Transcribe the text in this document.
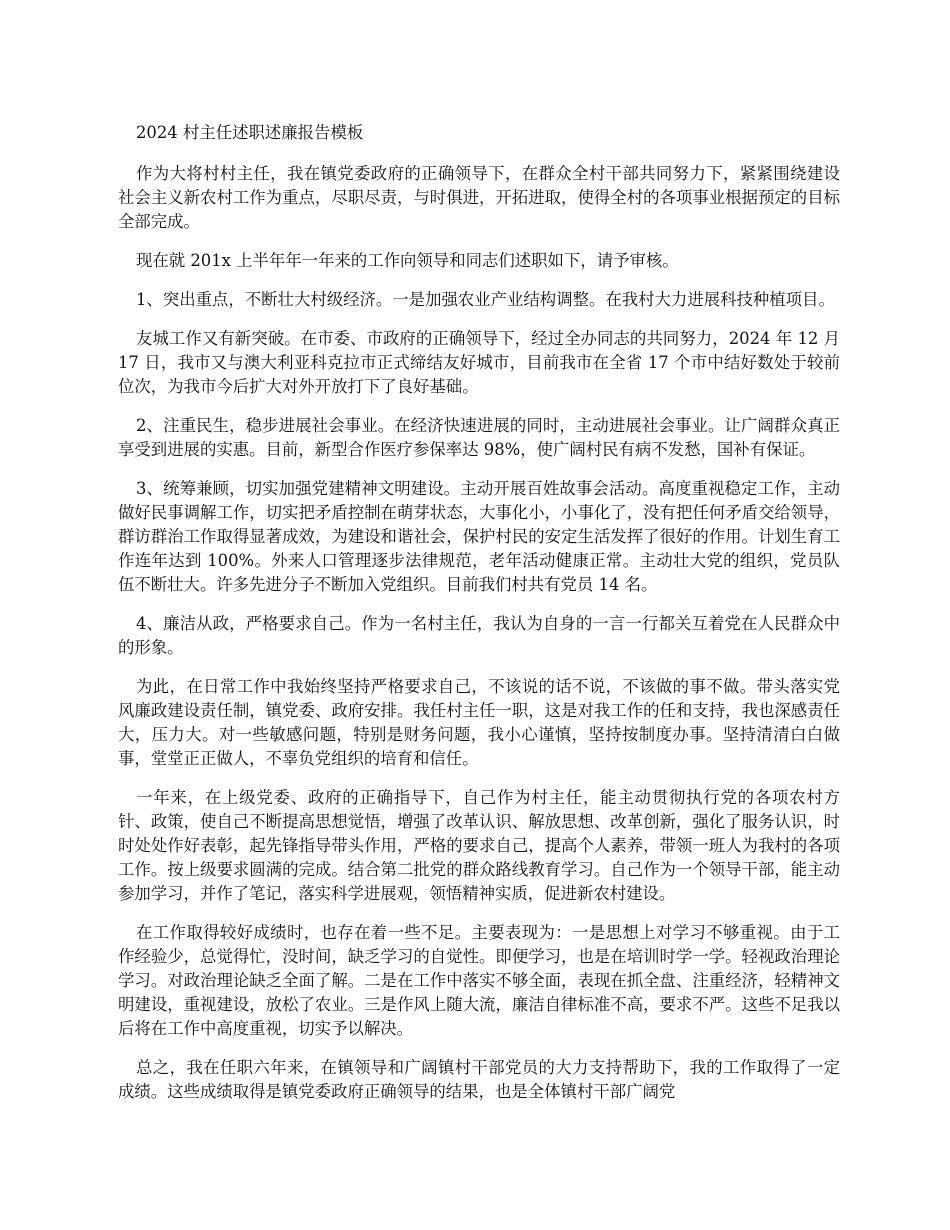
2024 村主任述职述廉报告模板

作为大将村村主任，我在镇党委政府的正确领导下，在群众全村干部共同努力下，紧紧围绕建设社会主义新农村工作为重点，尽职尽责，与时俱进，开拓进取，使得全村的各项事业根据预定的目标全部完成。

现在就 201x 上半年年一年来的工作向领导和同志们述职如下，请予审核。

1、突出重点，不断壮大村级经济。一是加强农业产业结构调整。在我村大力进展科技种植项目。

友城工作又有新突破。在市委、市政府的正确领导下，经过全办同志的共同努力，2024 年 12 月 17 日，我市又与澳大利亚科克拉市正式缔结友好城市，目前我市在全省 17 个市中结好数处于较前位次，为我市今后扩大对外开放打下了良好基础。

2、注重民生，稳步进展社会事业。在经济快速进展的同时，主动进展社会事业。让广阔群众真正享受到进展的实惠。目前，新型合作医疗参保率达 98%，使广阔村民有病不发愁，国补有保证。

3、统筹兼顾，切实加强党建精神文明建设。主动开展百姓故事会活动。高度重视稳定工作，主动做好民事调解工作，切实把矛盾控制在萌芽状态，大事化小，小事化了，没有把任何矛盾交给领导，群访群治工作取得显著成效，为建设和谐社会，保护村民的安定生活发挥了很好的作用。计划生育工作连年达到 100%。外来人口管理逐步法律规范，老年活动健康正常。主动壮大党的组织，党员队伍不断壮大。许多先进分子不断加入党组织。目前我们村共有党员 14 名。

4、廉洁从政，严格要求自己。作为一名村主任，我认为自身的一言一行都关互着党在人民群众中的形象。

为此，在日常工作中我始终坚持严格要求自己，不该说的话不说，不该做的事不做。带头落实党风廉政建设责任制，镇党委、政府安排。我任村主任一职，这是对我工作的任和支持，我也深感责任大，压力大。对一些敏感问题，特别是财务问题，我小心谨慎，坚持按制度办事。坚持清清白白做事，堂堂正正做人，不辜负党组织的培育和信任。

一年来，在上级党委、政府的正确指导下，自己作为村主任，能主动贯彻执行党的各项农村方针、政策，使自己不断提高思想觉悟，增强了改革认识、解放思想、改革创新，强化了服务认识，时时处处作好表彰，起先锋指导带头作用，严格的要求自己，提高个人素养，带领一班人为我村的各项工作。按上级要求圆满的完成。结合第二批党的群众路线教育学习。自己作为一个领导干部，能主动参加学习，并作了笔记，落实科学进展观，领悟精神实质，促进新农村建设。

在工作取得较好成绩时，也存在着一些不足。主要表现为：一是思想上对学习不够重视。由于工作经验少，总觉得忙，没时间，缺乏学习的自觉性。即便学习，也是在培训时学一学。轻视政治理论学习。对政治理论缺乏全面了解。二是在工作中落实不够全面，表现在抓全盘、注重经济，轻精神文明建设，重视建设，放松了农业。三是作风上随大流，廉洁自律标准不高，要求不严。这些不足我以后将在工作中高度重视，切实予以解决。

总之，我在任职六年来，在镇领导和广阔镇村干部党员的大力支持帮助下，我的工作取得了一定成绩。这些成绩取得是镇党委政府正确领导的结果，也是全体镇村干部广阔党
